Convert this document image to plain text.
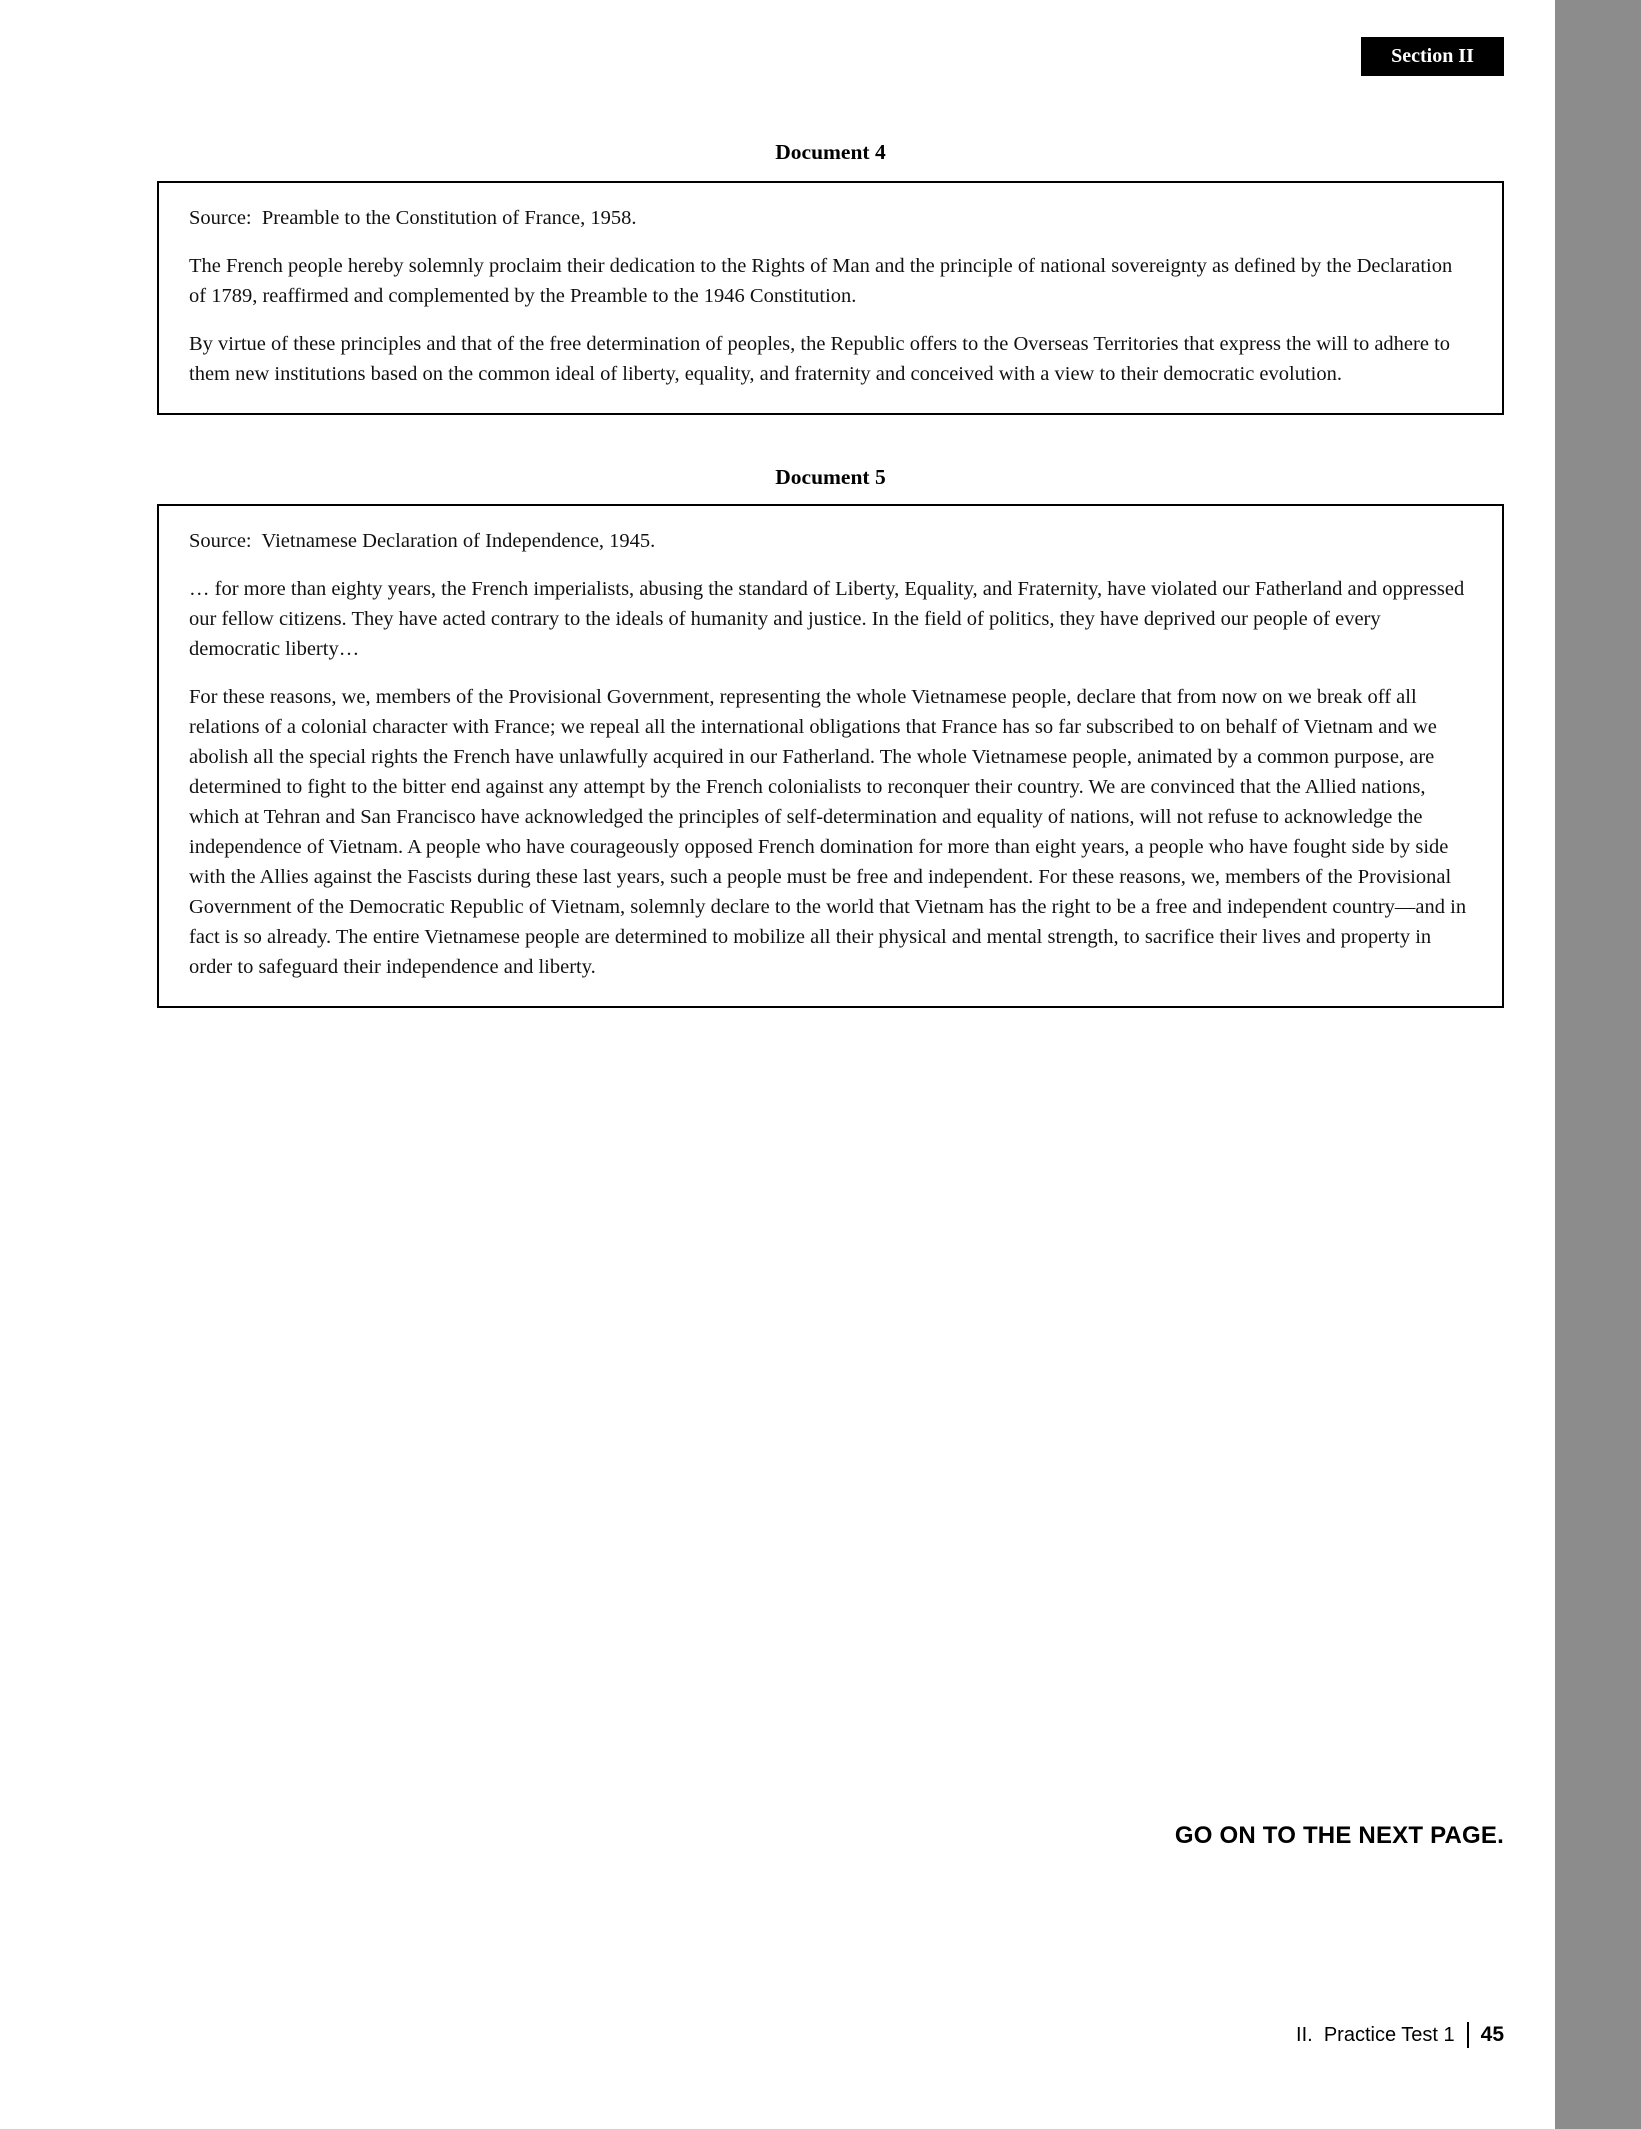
Section II
Document 4

Source:  Preamble to the Constitution of France, 1958.

The French people hereby solemnly proclaim their dedication to the Rights of Man and the principle of national sovereignty as defined by the Declaration of 1789, reaffirmed and complemented by the Preamble to the 1946 Constitution.

By virtue of these principles and that of the free determination of peoples, the Republic offers to the Overseas Territories that express the will to adhere to them new institutions based on the common ideal of liberty, equality, and fraternity and conceived with a view to their democratic evolution.

Document 5

Source:  Vietnamese Declaration of Independence, 1945.

… for more than eighty years, the French imperialists, abusing the standard of Liberty, Equality, and Fraternity, have violated our Fatherland and oppressed our fellow citizens. They have acted contrary to the ideals of humanity and justice. In the field of politics, they have deprived our people of every democratic liberty…

For these reasons, we, members of the Provisional Government, representing the whole Vietnamese people, declare that from now on we break off all relations of a colonial character with France; we repeal all the international obligations that France has so far subscribed to on behalf of Vietnam and we abolish all the special rights the French have unlawfully acquired in our Fatherland. The whole Vietnamese people, animated by a common purpose, are determined to fight to the bitter end against any attempt by the French colonialists to reconquer their country. We are convinced that the Allied nations, which at Tehran and San Francisco have acknowledged the principles of self-determination and equality of nations, will not refuse to acknowledge the independence of Vietnam. A people who have courageously opposed French domination for more than eight years, a people who have fought side by side with the Allies against the Fascists during these last years, such a people must be free and independent. For these reasons, we, members of the Provisional Government of the Democratic Republic of Vietnam, solemnly declare to the world that Vietnam has the right to be a free and independent country—and in fact is so already. The entire Vietnamese people are determined to mobilize all their physical and mental strength, to sacrifice their lives and property in order to safeguard their independence and liberty.

GO ON TO THE NEXT PAGE.
II.  Practice Test 1 45
